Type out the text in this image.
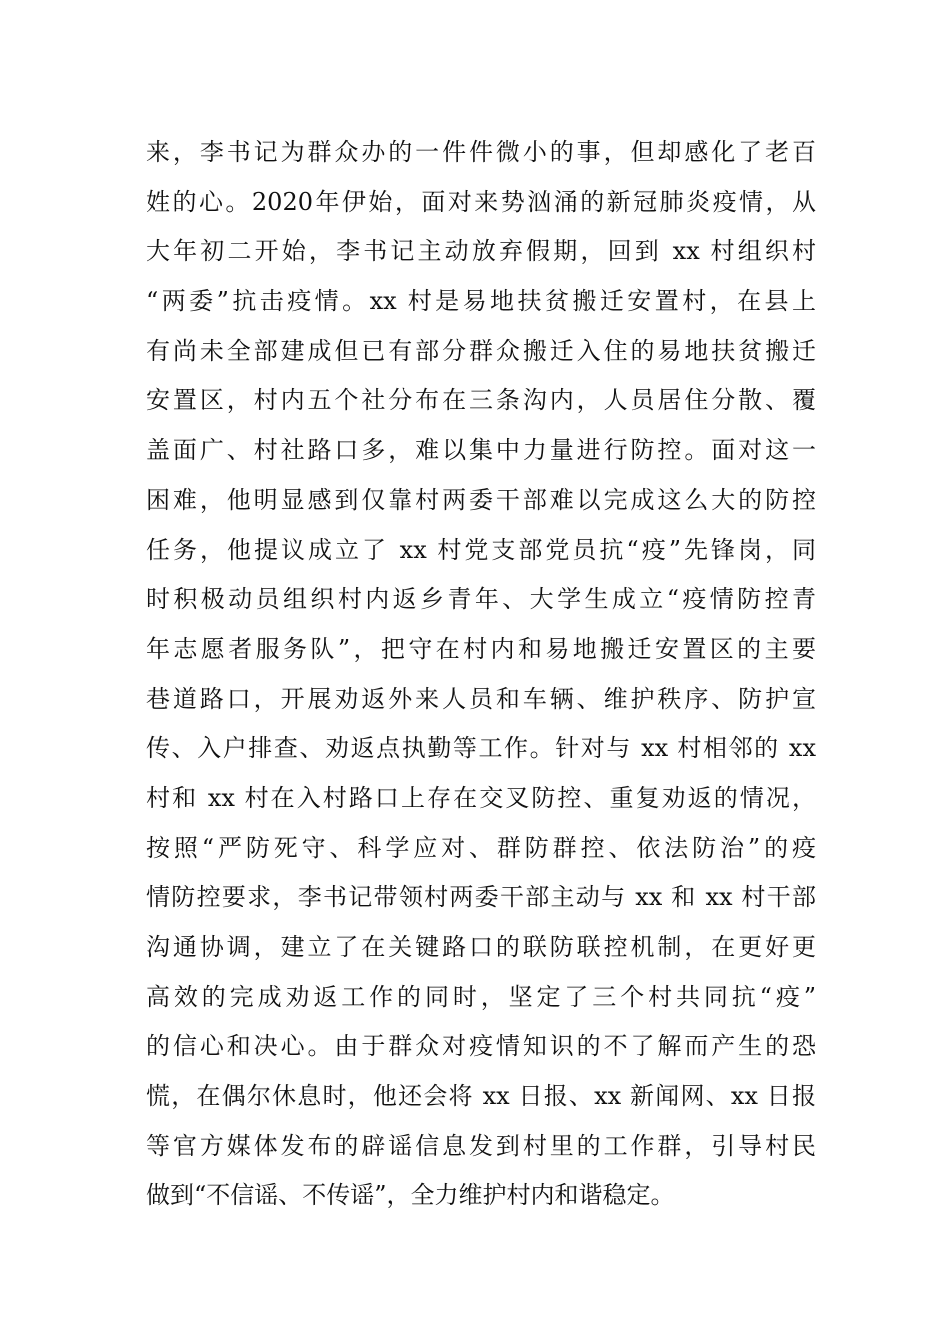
来，李书记为群众办的一件件微小的事，但却感化了老百
姓的心。2020年伊始，面对来势汹涌的新冠肺炎疫情，从
大年初二开始，李书记主动放弃假期，回到 xx 村组织村
“两委”抗击疫情。xx 村是易地扶贫搬迁安置村，在县上
有尚未全部建成但已有部分群众搬迁入住的易地扶贫搬迁
安置区，村内五个社分布在三条沟内，人员居住分散、覆
盖面广、村社路口多，难以集中力量进行防控。面对这一
困难，他明显感到仅靠村两委干部难以完成这么大的防控
任务，他提议成立了 xx 村党支部党员抗“疫”先锋岗，同
时积极动员组织村内返乡青年、大学生成立“疫情防控青
年志愿者服务队”，把守在村内和易地搬迁安置区的主要
巷道路口，开展劝返外来人员和车辆、维护秩序、防护宣
传、入户排查、劝返点执勤等工作。针对与 xx 村相邻的 xx
村和 xx 村在入村路口上存在交叉防控、重复劝返的情况，
按照“严防死守、科学应对、群防群控、依法防治”的疫
情防控要求，李书记带领村两委干部主动与 xx 和 xx 村干部
沟通协调，建立了在关键路口的联防联控机制，在更好更
高效的完成劝返工作的同时，坚定了三个村共同抗“疫”
的信心和决心。由于群众对疫情知识的不了解而产生的恐
慌，在偶尔休息时，他还会将 xx 日报、xx 新闻网、xx 日报
等官方媒体发布的辟谣信息发到村里的工作群，引导村民
做到“不信谣、不传谣”，全力维护村内和谐稳定。
